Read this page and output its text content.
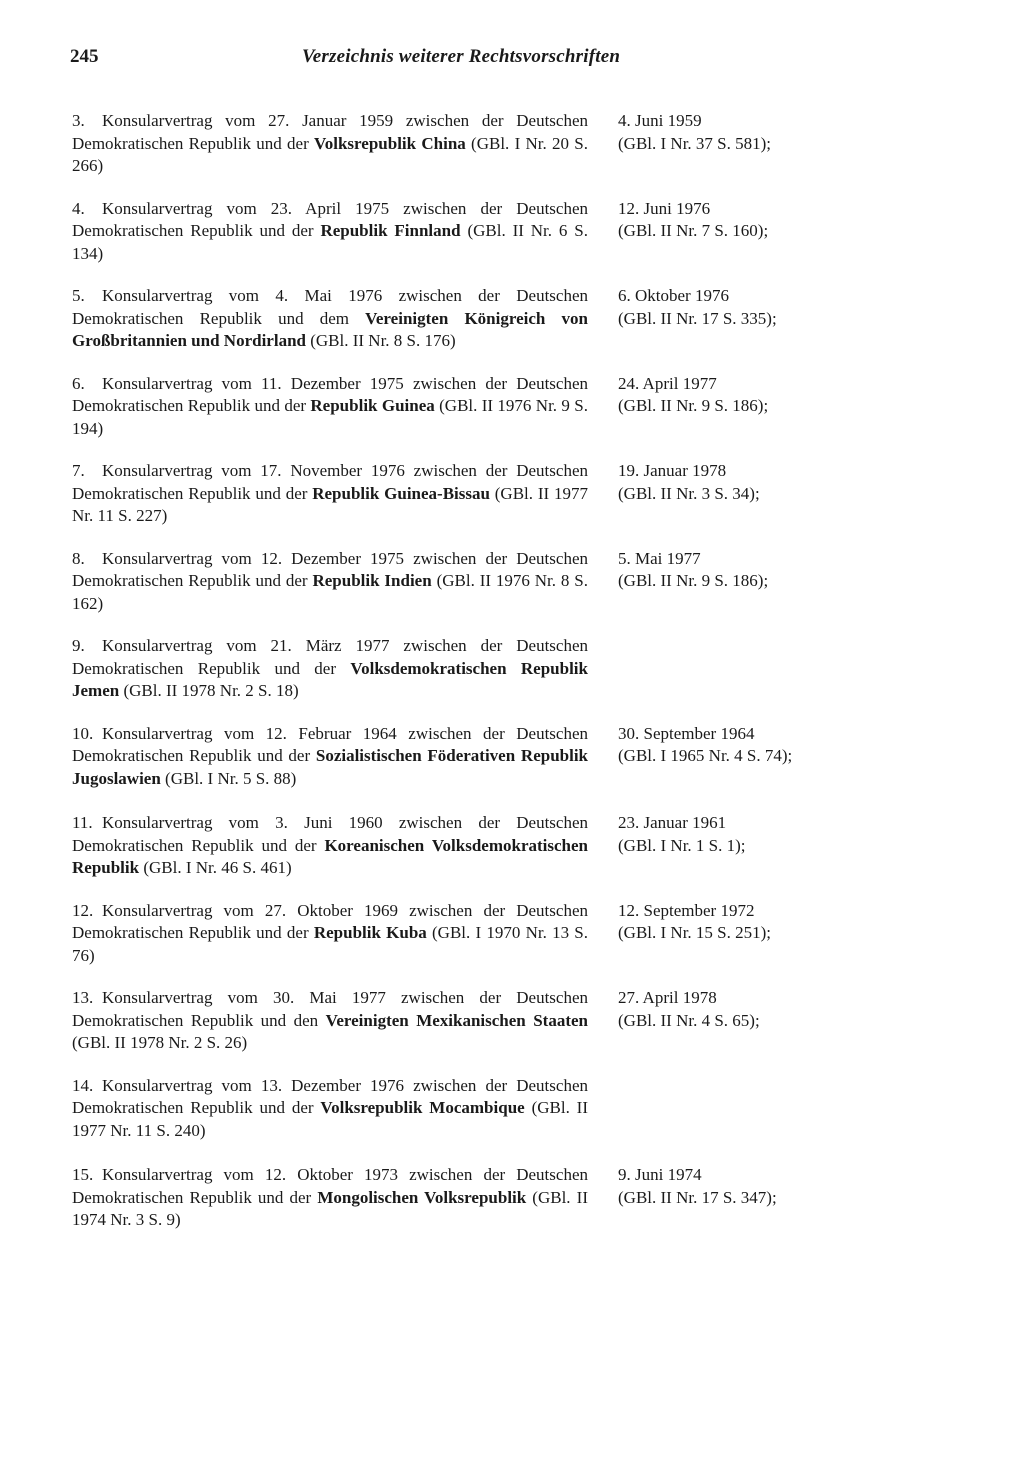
245	Verzeichnis weiterer Rechtsvorschriften
3. Konsularvertrag vom 27. Januar 1959 zwischen der Deutschen Demokratischen Republik und der Volksrepublik China (GBl. I Nr. 20 S. 266)
4. Juni 1959
(GBl. I Nr. 37 S. 581);
4. Konsularvertrag vom 23. April 1975 zwischen der Deutschen Demokratischen Republik und der Republik Finnland (GBl. II Nr. 6 S. 134)
12. Juni 1976
(GBl. II Nr. 7 S. 160);
5. Konsularvertrag vom 4. Mai 1976 zwischen der Deutschen Demokratischen Republik und dem Vereinigten Königreich von Großbritannien und Nordirland (GBl. II Nr. 8 S. 176)
6. Oktober 1976
(GBl. II Nr. 17 S. 335);
6. Konsularvertrag vom 11. Dezember 1975 zwischen der Deutschen Demokratischen Republik und der Republik Guinea (GBl. II 1976 Nr. 9 S. 194)
24. April 1977
(GBl. II Nr. 9 S. 186);
7. Konsularvertrag vom 17. November 1976 zwischen der Deutschen Demokratischen Republik und der Republik Guinea-Bissau (GBl. II 1977 Nr. 11 S. 227)
19. Januar 1978
(GBl. II Nr. 3 S. 34);
8. Konsularvertrag vom 12. Dezember 1975 zwischen der Deutschen Demokratischen Republik und der Republik Indien (GBl. II 1976 Nr. 8 S. 162)
5. Mai 1977
(GBl. II Nr. 9 S. 186);
9. Konsularvertrag vom 21. März 1977 zwischen der Deutschen Demokratischen Republik und der Volksdemokratischen Republik Jemen (GBl. II 1978 Nr. 2 S. 18)
10. Konsularvertrag vom 12. Februar 1964 zwischen der Deutschen Demokratischen Republik und der Sozialistischen Föderativen Republik Jugoslawien (GBl. I Nr. 5 S. 88)
30. September 1964
(GBl. I 1965 Nr. 4 S. 74);
11. Konsularvertrag vom 3. Juni 1960 zwischen der Deutschen Demokratischen Republik und der Koreanischen Volksdemokratischen Republik (GBl. I Nr. 46 S. 461)
23. Januar 1961
(GBl. I Nr. 1 S. 1);
12. Konsularvertrag vom 27. Oktober 1969 zwischen der Deutschen Demokratischen Republik und der Republik Kuba (GBl. I 1970 Nr. 13 S. 76)
12. September 1972
(GBl. I Nr. 15 S. 251);
13. Konsularvertrag vom 30. Mai 1977 zwischen der Deutschen Demokratischen Republik und den Vereinigten Mexikanischen Staaten (GBl. II 1978 Nr. 2 S. 26)
27. April 1978
(GBl. II Nr. 4 S. 65);
14. Konsularvertrag vom 13. Dezember 1976 zwischen der Deutschen Demokratischen Republik und der Volksrepublik Mocambique (GBl. II 1977 Nr. 11 S. 240)
15. Konsularvertrag vom 12. Oktober 1973 zwischen der Deutschen Demokratischen Republik und der Mongolischen Volksrepublik (GBl. II 1974 Nr. 3 S. 9)
9. Juni 1974
(GBl. II Nr. 17 S. 347);
